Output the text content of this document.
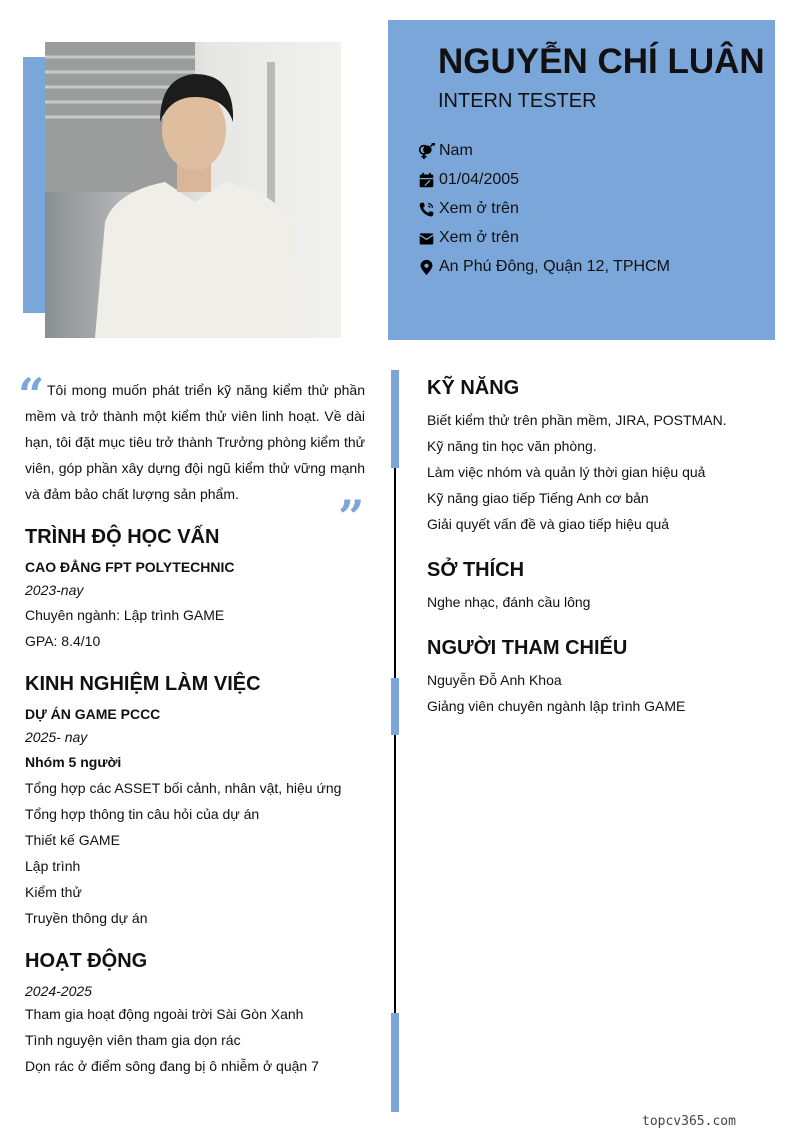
NGUYỄN CHÍ LUÂN
INTERN TESTER
Nam
01/04/2005
Xem ở trên
Xem ở trên
An Phú Đông, Quận 12, TPHCM
“ Tôi mong muốn phát triển kỹ năng kiểm thử phần mềm và trở thành một kiểm thử viên linh hoạt. Về dài hạn, tôi đặt mục tiêu trở thành Trưởng phòng kiểm thử viên, góp phần xây dựng đội ngũ kiểm thử vững mạnh và đảm bảo chất lượng sản phẩm.	”
TRÌNH ĐỘ HỌC VẤN
CAO ĐẲNG FPT POLYTECHNIC
2023-nay
Chuyên ngành: Lập trình GAME
GPA: 8.4/10
KINH NGHIỆM LÀM VIỆC
DỰ ÁN GAME PCCC
2025- nay
Nhóm 5 người
Tổng hợp các ASSET bối cảnh, nhân vật, hiệu ứng
Tổng hợp thông tin câu hỏi của dự án
Thiết kế GAME
Lập trình
Kiểm thử
Truyền thông dự án
HOẠT ĐỘNG
2024-2025
Tham gia hoạt động ngoài trời Sài Gòn Xanh
Tình nguyện viên tham gia dọn rác
Dọn rác ở điểm sông đang bị ô nhiễm ở quận 7
KỸ NĂNG
Biết kiểm thử trên phần mềm, JIRA, POSTMAN.
Kỹ năng tin học văn phòng.
Làm việc nhóm và quản lý thời gian hiệu quả
Kỹ năng giao tiếp Tiếng Anh cơ bản
Giải quyết vấn đề và giao tiếp hiệu quả
SỞ THÍCH
Nghe nhạc, đánh cầu lông
NGƯỜI THAM CHIẾU
Nguyễn Đỗ Anh Khoa
Giảng viên chuyên ngành lập trình GAME
topcv365.com
